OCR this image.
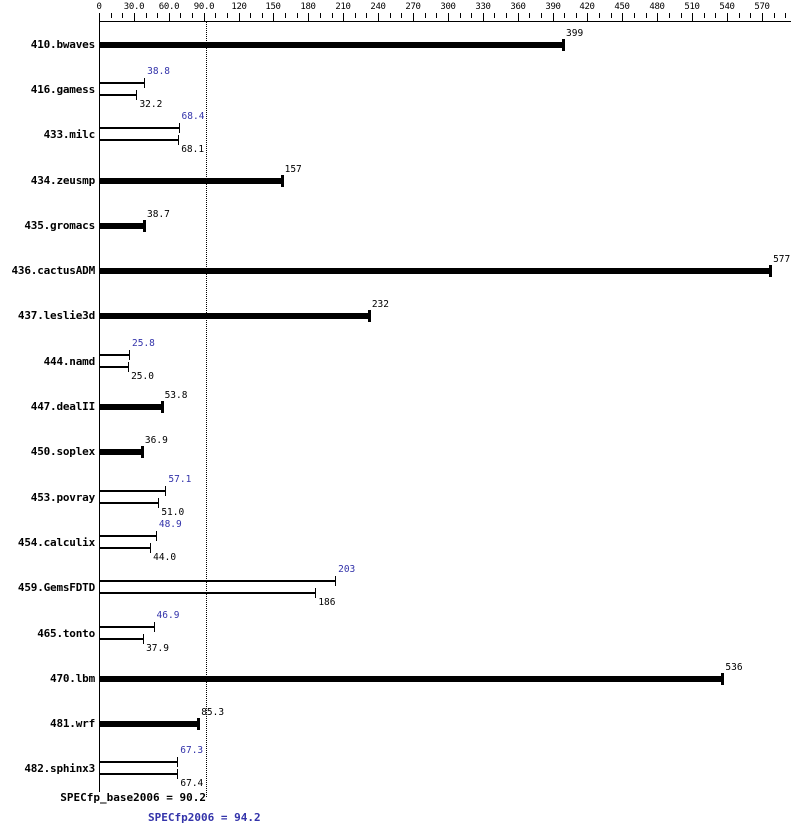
0 30.0 60.0 90.0 120 150 180 210 240 270 300 330 360 390 420 450 480 510 540 570
410.bwaves
399
416.gamess
38.8
32.2
433.milc
68.4
68.1
434.zeusmp
157
435.gromacs
38.7
436.cactusADM
577
437.leslie3d
232
444.namd
25.8
25.0
447.dealII
53.8
450.soplex
36.9
453.povray
57.1
51.0
454.calculix
48.9
44.0
459.GemsFDTD
203
186
465.tonto
46.9
37.9
470.lbm
536
481.wrf
85.3
482.sphinx3
67.3
67.4
SPECfp_base2006 = 90.2
SPECfp2006 = 94.2
